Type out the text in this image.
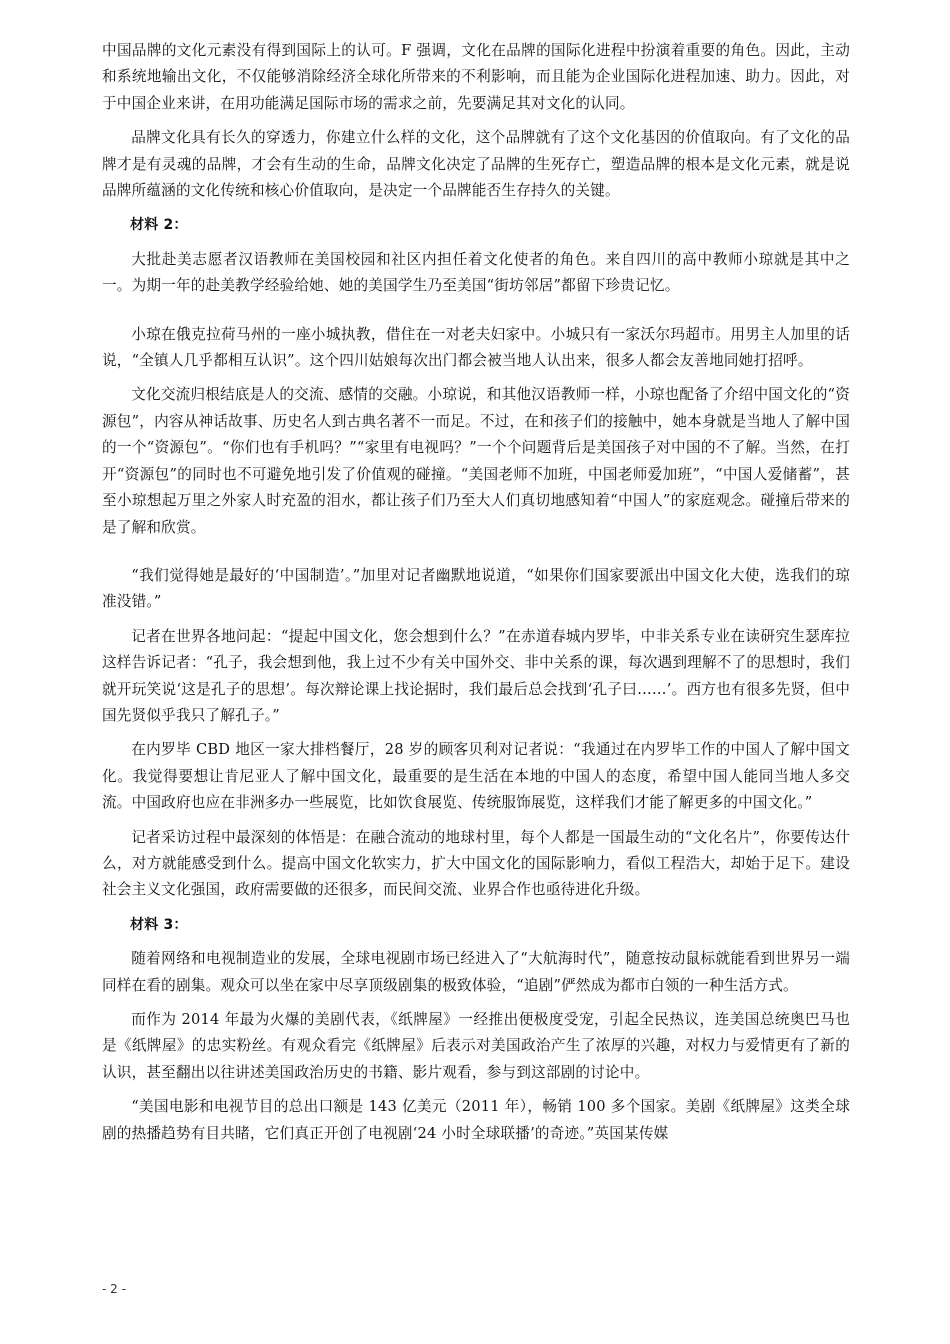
中国品牌的文化元素没有得到国际上的认可。F 强调，文化在品牌的国际化进程中扮演着重要的角色。因此，主动和系统地输出文化，不仅能够消除经济全球化所带来的不利影响，而且能为企业国际化进程加速、助力。因此，对于中国企业来讲，在用功能满足国际市场的需求之前，先要满足其对文化的认同。

品牌文化具有长久的穿透力，你建立什么样的文化，这个品牌就有了这个文化基因的价值取向。有了文化的品牌才是有灵魂的品牌，才会有生动的生命，品牌文化决定了品牌的生死存亡，塑造品牌的根本是文化元素，就是说品牌所蕴涵的文化传统和核心价值取向，是决定一个品牌能否生存持久的关键。

材料 2：

大批赴美志愿者汉语教师在美国校园和社区内担任着文化使者的角色。来自四川的高中教师小琼就是其中之一。为期一年的赴美教学经验给她、她的美国学生乃至美国“街坊邻居”都留下珍贵记忆。

小琼在俄克拉荷马州的一座小城执教，借住在一对老夫妇家中。小城只有一家沃尔玛超市。用男主人加里的话说，“全镇人几乎都相互认识”。这个四川姑娘每次出门都会被当地人认出来，很多人都会友善地同她打招呼。

文化交流归根结底是人的交流、感情的交融。小琼说，和其他汉语教师一样，小琼也配备了介绍中国文化的“资源包”，内容从神话故事、历史名人到古典名著不一而足。不过，在和孩子们的接触中，她本身就是当地人了解中国的一个“资源包”。“你们也有手机吗？”“家里有电视吗？”一个个问题背后是美国孩子对中国的不了解。当然，在打开“资源包”的同时也不可避免地引发了价值观的碰撞。“美国老师不加班，中国老师爱加班”，“中国人爱储蓄”，甚至小琼想起万里之外家人时充盈的泪水，都让孩子们乃至大人们真切地感知着“中国人”的家庭观念。碰撞后带来的是了解和欣赏。

“我们觉得她是最好的‘中国制造’。”加里对记者幽默地说道，“如果你们国家要派出中国文化大使，选我们的琼准没错。”

记者在世界各地问起：“提起中国文化，您会想到什么？”在赤道春城内罗毕，中非关系专业在读研究生瑟库拉这样告诉记者：“孔子，我会想到他，我上过不少有关中国外交、非中关系的课，每次遇到理解不了的思想时，我们就开玩笑说‘这是孔子的思想’。每次辩论课上找论据时，我们最后总会找到‘孔子曰……’。西方也有很多先贤，但中国先贤似乎我只了解孔子。”

在内罗毕 CBD 地区一家大排档餐厅，28 岁的顾客贝利对记者说：“我通过在内罗毕工作的中国人了解中国文化。我觉得要想让肯尼亚人了解中国文化，最重要的是生活在本地的中国人的态度，希望中国人能同当地人多交流。中国政府也应在非洲多办一些展览，比如饮食展览、传统服饰展览，这样我们才能了解更多的中国文化。”

记者采访过程中最深刻的体悟是：在融合流动的地球村里，每个人都是一国最生动的“文化名片”，你要传达什么，对方就能感受到什么。提高中国文化软实力，扩大中国文化的国际影响力，看似工程浩大，却始于足下。建设社会主义文化强国，政府需要做的还很多，而民间交流、业界合作也亟待进化升级。

材料 3：

随着网络和电视制造业的发展，全球电视剧市场已经进入了“大航海时代”，随意按动鼠标就能看到世界另一端同样在看的剧集。观众可以坐在家中尽享顶级剧集的极致体验，“追剧”俨然成为都市白领的一种生活方式。

而作为 2014 年最为火爆的美剧代表，《纸牌屋》一经推出便极度受宠，引起全民热议，连美国总统奥巴马也是《纸牌屋》的忠实粉丝。有观众看完《纸牌屋》后表示对美国政治产生了浓厚的兴趣，对权力与爱情更有了新的认识，甚至翻出以往讲述美国政治历史的书籍、影片观看，参与到这部剧的讨论中。

“美国电影和电视节目的总出口额是 143 亿美元（2011 年），畅销 100 多个国家。美剧《纸牌屋》这类全球剧的热播趋势有目共睹，它们真正开创了电视剧‘24 小时全球联播’的奇迹。”英国某传媒

- 2 -
